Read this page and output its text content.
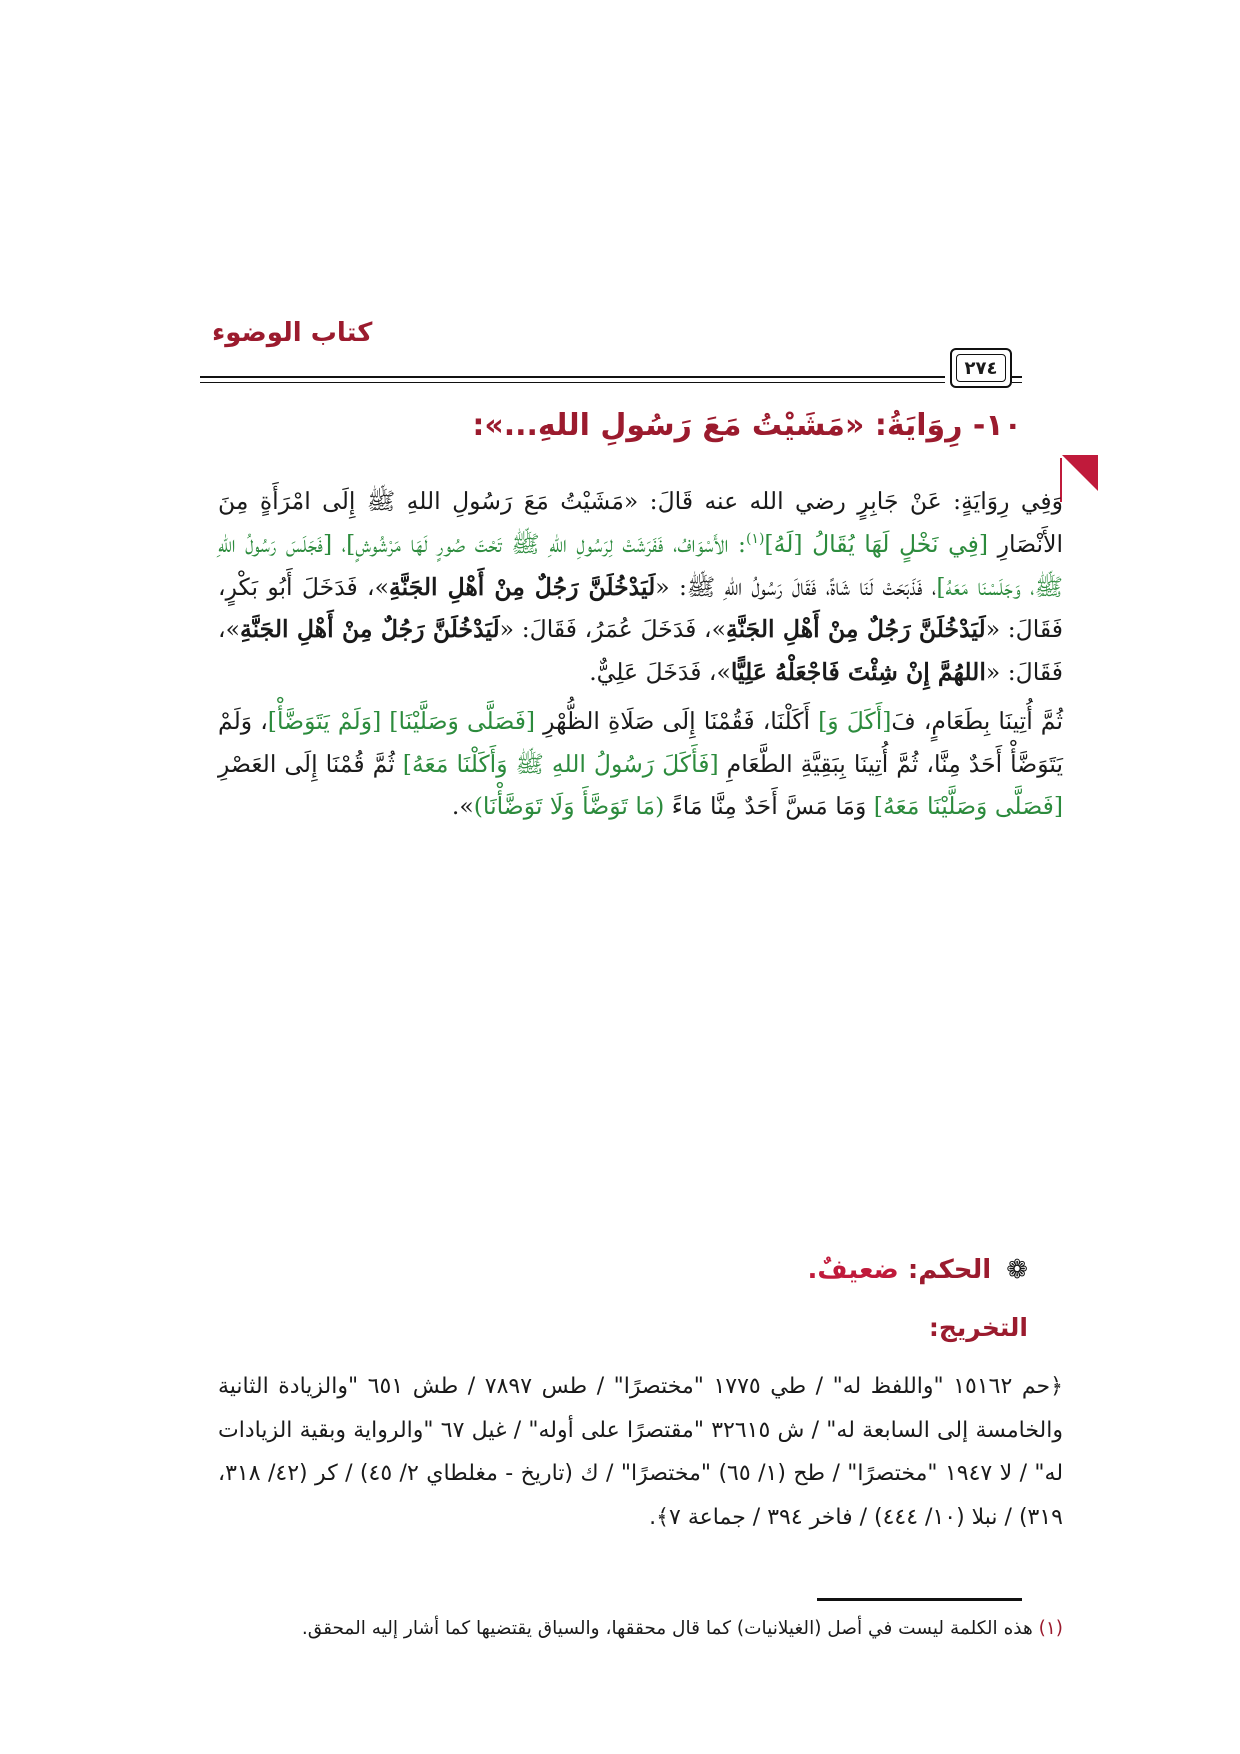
كتاب الوضوء
٢٧٤
١٠- رِوَايَةُ: «مَشَيْتُ مَعَ رَسُولِ اللهِ...»:

وَفِي رِوَايَةٍ: عَنْ جَابِرٍ رضي الله عنه قَالَ: «مَشَيْتُ مَعَ رَسُولِ اللهِ ﷺ إِلَى امْرَأَةٍ مِنَ الأَنْصَارِ [فِي نَخْلٍ لَهَا يُقَالُ [لَهُ]$^{(١)}$: الأَسْوَافُ، فَفَرَشَتْ لِرَسُولِ اللهِ ﷺ تَحْتَ صُورٍ لَهَا مَرْشُوشٍ]، [فَجَلَسَ رَسُولُ اللهِ ﷺ، وَجَلَسْنَا مَعَهُ]، فَذَبَحَتْ لَنَا شَاةً، فَقَالَ رَسُولُ اللهِ ﷺ: «لَيَدْخُلَنَّ رَجُلٌ مِنْ أَهْلِ الجَنَّةِ»، فَدَخَلَ أَبُو بَكْرٍ، فَقَالَ: «لَيَدْخُلَنَّ رَجُلٌ مِنْ أَهْلِ الجَنَّةِ»، فَدَخَلَ عُمَرُ، فَقَالَ: «لَيَدْخُلَنَّ رَجُلٌ مِنْ أَهْلِ الجَنَّةِ»، فَقَالَ: «اللهُمَّ إِنْ شِئْتَ فَاجْعَلْهُ عَلِيًّا»، فَدَخَلَ عَلِيٌّ.

ثُمَّ أُتِينَا بِطَعَامٍ، فَ[أَكَلَ وَ] أَكَلْنَا، فَقُمْنَا إِلَى صَلَاةِ الظُّهْرِ [فَصَلَّى وَصَلَّيْنَا] [وَلَمْ يَتَوَضَّأْ]، وَلَمْ يَتَوَضَّأْ أَحَدٌ مِنَّا، ثُمَّ أُتِينَا بِبَقِيَّةِ الطَّعَامِ [فَأَكَلَ رَسُولُ اللهِ ﷺ وَأَكَلْنَا مَعَهُ] ثُمَّ قُمْنَا إِلَى العَصْرِ [فَصَلَّى وَصَلَّيْنَا مَعَهُ] وَمَا مَسَّ أَحَدٌ مِنَّا مَاءً (مَا تَوَضَّأَ وَلَا تَوَضَّأْنَا)».

❁ الحكم: ضعيفٌ.
التخريج:
﴿حم ١٥١٦٢ "واللفظ له" / طي ١٧٧٥ "مختصرًا" / طس ٧٨٩٧ / طش ٦٥١ "والزيادة الثانية والخامسة إلى السابعة له" / ش ٣٢٦١٥ "مقتصرًا على أوله" / غيل ٦٧ "والرواية وبقية الزيادات له" / لا ١٩٤٧ "مختصرًا" / طح (١/ ٦٥) "مختصرًا" / ك (تاريخ - مغلطاي ٢/ ٤٥) / كر (٤٢/ ٣١٨، ٣١٩) / نبلا (١٠/ ٤٤٤) / فاخر ٣٩٤ / جماعة ٧﴾.
(١) هذه الكلمة ليست في أصل (الغيلانيات) كما قال محققها، والسياق يقتضيها كما أشار إليه المحقق.
